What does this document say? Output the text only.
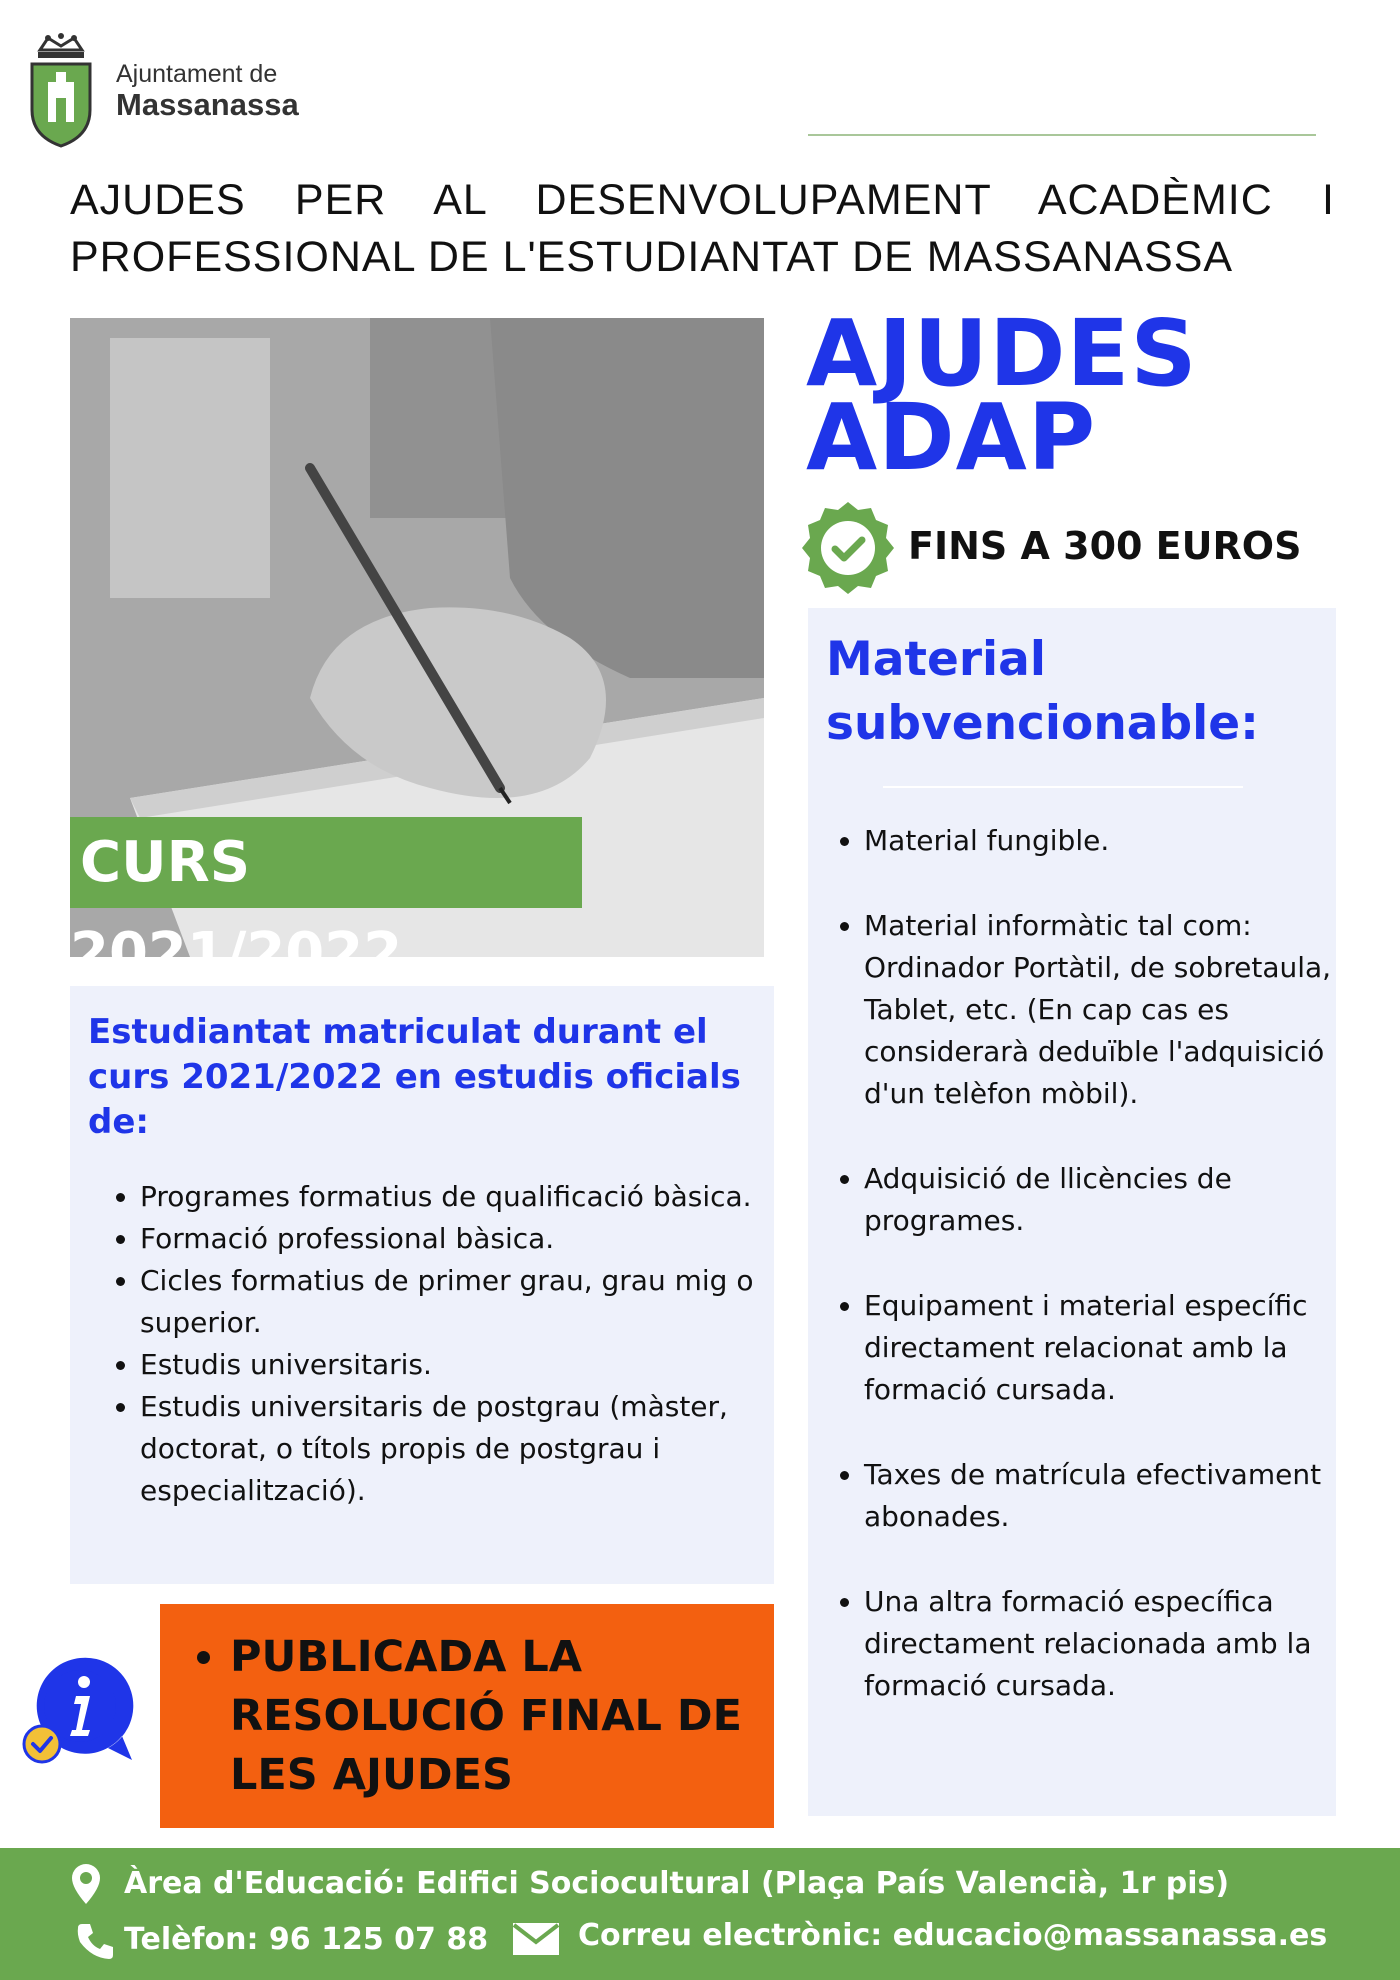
Ajuntament de
Massanassa
AJUDES PER AL DESENVOLUPAMENT ACADÈMIC I
PROFESSIONAL DE L'ESTUDIANTAT DE MASSANASSA
CURS 2021/2022
AJUDES
ADAP
FINS A 300 EUROS
Material subvencionable:
• Material fungible.
• Material informàtic tal com: Ordinador Portàtil, de sobretaula, Tablet, etc. (En cap cas es considerarà deduïble l'adquisició d'un telèfon mòbil).
• Adquisició de llicències de programes.
• Equipament i material específic directament relacionat amb la formació cursada.
• Taxes de matrícula efectivament abonades.
• Una altra formació específica directament relacionada amb la formació cursada.
Estudiantat matriculat durant el curs 2021/2022 en estudis oficials de:
• Programes formatius de qualificació bàsica.
• Formació professional bàsica.
• Cicles formatius de primer grau, grau mig o superior.
• Estudis universitaris.
• Estudis universitaris de postgrau (màster, doctorat, o títols propis de postgrau i especialització).
• PUBLICADA LA RESOLUCIÓ FINAL DE LES AJUDES
Àrea d'Educació: Edifici Sociocultural (Plaça País Valencià, 1r pis)
Telèfon: 96 125 07 88	Correu electrònic: educacio@massanassa.es
